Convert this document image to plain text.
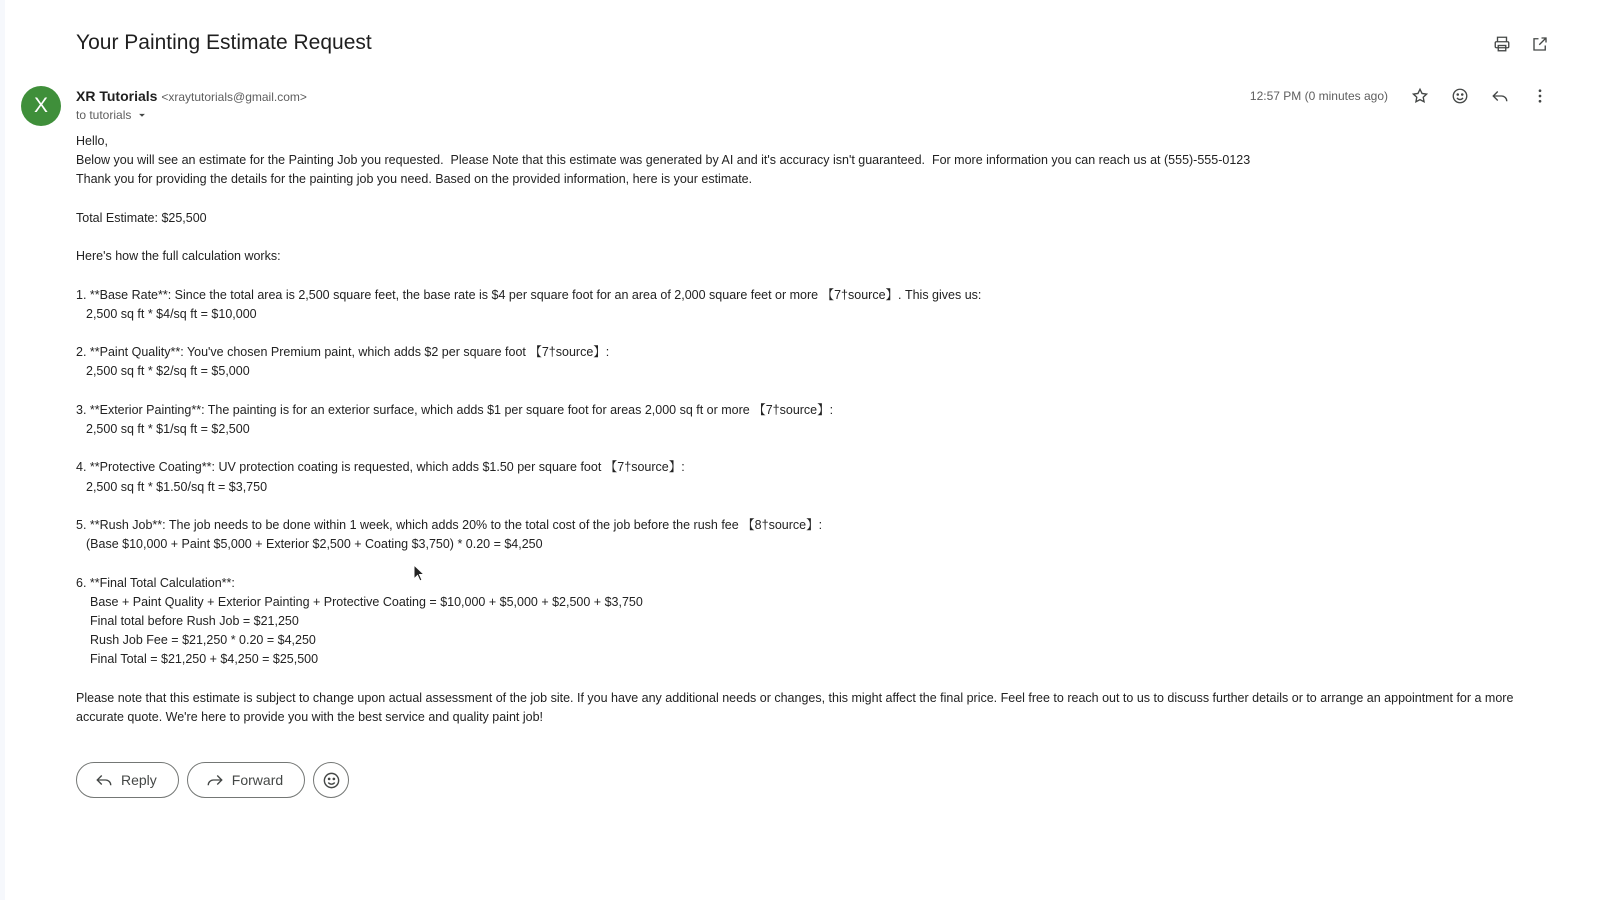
Your Painting Estimate Request
X XR Tutorials <xraytutorials@gmail.com>
to tutorials
12:57 PM (0 minutes ago)

Hello,

Below you will see an estimate for the Painting Job you requested.  Please Note that this estimate was generated by AI and it's accuracy isn't guaranteed.  For more information you can reach us at (555)-555-0123

Thank you for providing the details for the painting job you need. Based on the provided information, here is your estimate.

Total Estimate: $25,500

Here's how the full calculation works:

1. **Base Rate**: Since the total area is 2,500 square feet, the base rate is $4 per square foot for an area of 2,000 square feet or more 【7†source】. This gives us:

2,500 sq ft * $4/sq ft = $10,000

2. **Paint Quality**: You've chosen Premium paint, which adds $2 per square foot 【7†source】:

2,500 sq ft * $2/sq ft = $5,000

3. **Exterior Painting**: The painting is for an exterior surface, which adds $1 per square foot for areas 2,000 sq ft or more 【7†source】:

2,500 sq ft * $1/sq ft = $2,500

4. **Protective Coating**: UV protection coating is requested, which adds $1.50 per square foot 【7†source】:

2,500 sq ft * $1.50/sq ft = $3,750

5. **Rush Job**: The job needs to be done within 1 week, which adds 20% to the total cost of the job before the rush fee 【8†source】:

(Base $10,000 + Paint $5,000 + Exterior $2,500 + Coating $3,750) * 0.20 = $4,250

6. **Final Total Calculation**:

Base + Paint Quality + Exterior Painting + Protective Coating = $10,000 + $5,000 + $2,500 + $3,750

Final total before Rush Job = $21,250

Rush Job Fee = $21,250 * 0.20 = $4,250

Final Total = $21,250 + $4,250 = $25,500

Please note that this estimate is subject to change upon actual assessment of the job site. If you have any additional needs or changes, this might affect the final price. Feel free to reach out to us to discuss further details or to arrange an appointment for a more accurate quote. We're here to provide you with the best service and quality paint job!

Reply	Forward
